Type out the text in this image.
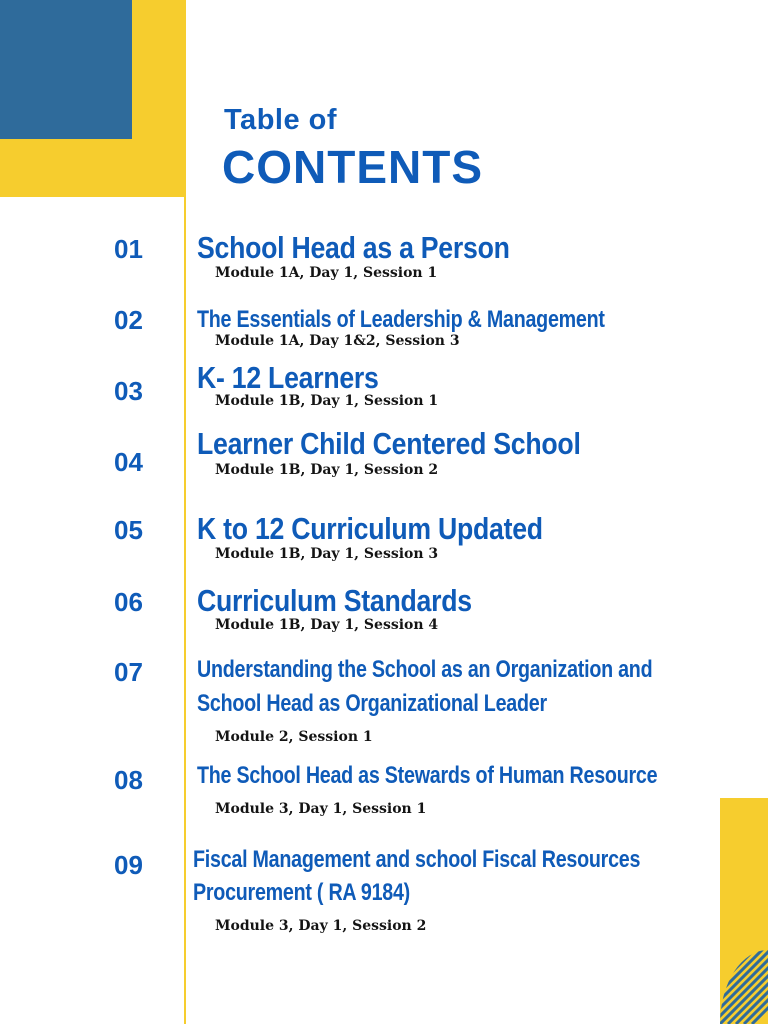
Table of
CONTENTS
01 School Head as a Person
Module 1A, Day 1, Session 1
02 The Essentials of Leadership & Management
Module 1A, Day 1&2, Session 3
03 K- 12 Learners
Module 1B, Day 1, Session 1
04
Learner Child Centered School
Module 1B, Day 1, Session 2
05 K to 12 Curriculum Updated
Module 1B, Day 1, Session 3
06 Curriculum Standards
Module 1B, Day 1, Session 4
07 Understanding the School as an Organization and
School Head as Organizational Leader
Module 2, Session 1
08 The School Head as Stewards of Human Resource
Module 3, Day 1, Session 1
09 Fiscal Management and school Fiscal Resources
Procurement ( RA 9184)
Module 3, Day 1, Session 2
